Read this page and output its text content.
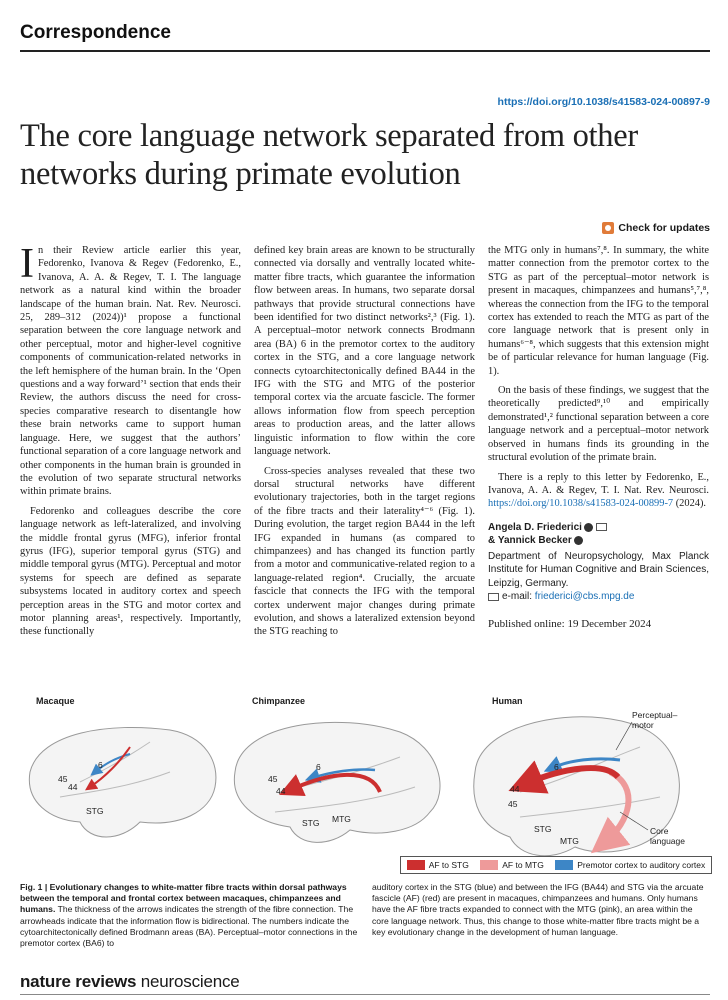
Correspondence
https://doi.org/10.1038/s41583-024-00897-9
The core language network separated from other networks during primate evolution
Check for updates

In their Review article earlier this year, Fedorenko, Ivanova & Regev (Fedorenko, E., Ivanova, A. A. & Regev, T. I. The language network as a natural kind within the broader landscape of the human brain. Nat. Rev. Neurosci. 25, 289–312 (2024))¹ propose a functional separation between the core language network and other perceptual, motor and higher-level cognitive components of communication-related networks in the left hemisphere of the human brain. In the ‘Open questions and a way forward’¹ section that ends their Review, the authors discuss the need for cross-species comparative research to disentangle how these brain networks came to support human language. Here, we suggest that the authors’ functional separation of a core language network and other components in the human brain is grounded in the evolution of two separate structural networks within primate brains.

Fedorenko and colleagues describe the core language network as left-lateralized, and involving the middle frontal gyrus (MFG), inferior frontal gyrus (IFG), superior temporal gyrus (STG) and middle temporal gyrus (MTG). Perceptual and motor systems for speech are defined as separate subsystems located in auditory cortex and speech perception areas in the STG and motor cortex and motor planning areas¹, respectively. Importantly, these functionally

defined key brain areas are known to be structurally connected via dorsally and ventrally located white-matter fibre tracts, which guarantee the information flow between areas. In humans, two separate dorsal pathways that provide structural connections have been identified for two distinct networks²,³ (Fig. 1). A perceptual–motor network connects Brodmann area (BA) 6 in the premotor cortex to the auditory cortex in the STG, and a core language network connects cytoarchitectonically defined BA44 in the IFG with the STG and MTG of the posterior temporal cortex via the arcuate fascicle. The former allows information flow from speech perception areas to production areas, and the latter allows linguistic information to flow within the core language network.

Cross-species analyses revealed that these two dorsal structural networks have different evolutionary trajectories, both in the target regions of the fibre tracts and their laterality⁴⁻⁶ (Fig. 1). During evolution, the target region BA44 in the left IFG expanded in humans (as compared to chimpanzees) and has changed its function partly from a motor and communicative-related region to a language-related region⁴. Crucially, the arcuate fascicle that connects the IFG with the temporal cortex underwent major changes during primate evolution, and shows a lateralized extension beyond the STG reaching to

the MTG only in humans⁷,⁸. In summary, the white matter connection from the premotor cortex to the STG as part of the perceptual–motor network is present in macaques, chimpanzees and humans⁵,⁷,⁸, whereas the connection from the IFG to the temporal cortex has extended to reach the MTG as part of the core language network that is present only in humans⁶⁻⁸, which suggests that this extension might be of particular relevance for human language (Fig. 1).

On the basis of these findings, we suggest that the theoretically predicted⁹,¹⁰ and empirically demonstrated¹,² functional separation between a core language network and a perceptual–motor network observed in humans finds its grounding in the structural evolution of the primate brain.

There is a reply to this letter by Fedorenko, E., Ivanova, A. A. & Regev, T. I. Nat. Rev. Neurosci. https://doi.org/10.1038/s41583-024-00899-7 (2024).

Angela D. Friederici
& Yannick Becker
Department of Neuropsychology, Max Planck Institute for Human Cognitive and Brain Sciences, Leipzig, Germany.
e-mail: friederici@cbs.mpg.de
Published online: 19 December 2024
Macaque	Chimpanzee	Human
6
45
44
STG
6
45
44
STG MTG
6
44
45
STG
MTG
Perceptual–
motor
Core
language
AF to STG	AF to MTG	Premotor cortex to auditory cortex
Fig. 1 | Evolutionary changes to white-matter fibre tracts within dorsal pathways between the temporal and frontal cortex between macaques, chimpanzees and humans. The thickness of the arrows indicates the strength of the fibre connection. The arrowheads indicate that the information flow is bidirectional. The numbers indicate the cytoarchitectonically defined Brodmann areas (BA). Perceptual–motor connections in the premotor cortex (BA6) to
auditory cortex in the STG (blue) and between the IFG (BA44) and STG via the arcuate fascicle (AF) (red) are present in macaques, chimpanzees and humans. Only humans have the AF fibre tracts expanded to connect with the MTG (pink), an area within the core language network. Thus, this change to those white-matter fibre tracts might be a key evolutionary change in the development of human language.
nature reviews neuroscience
